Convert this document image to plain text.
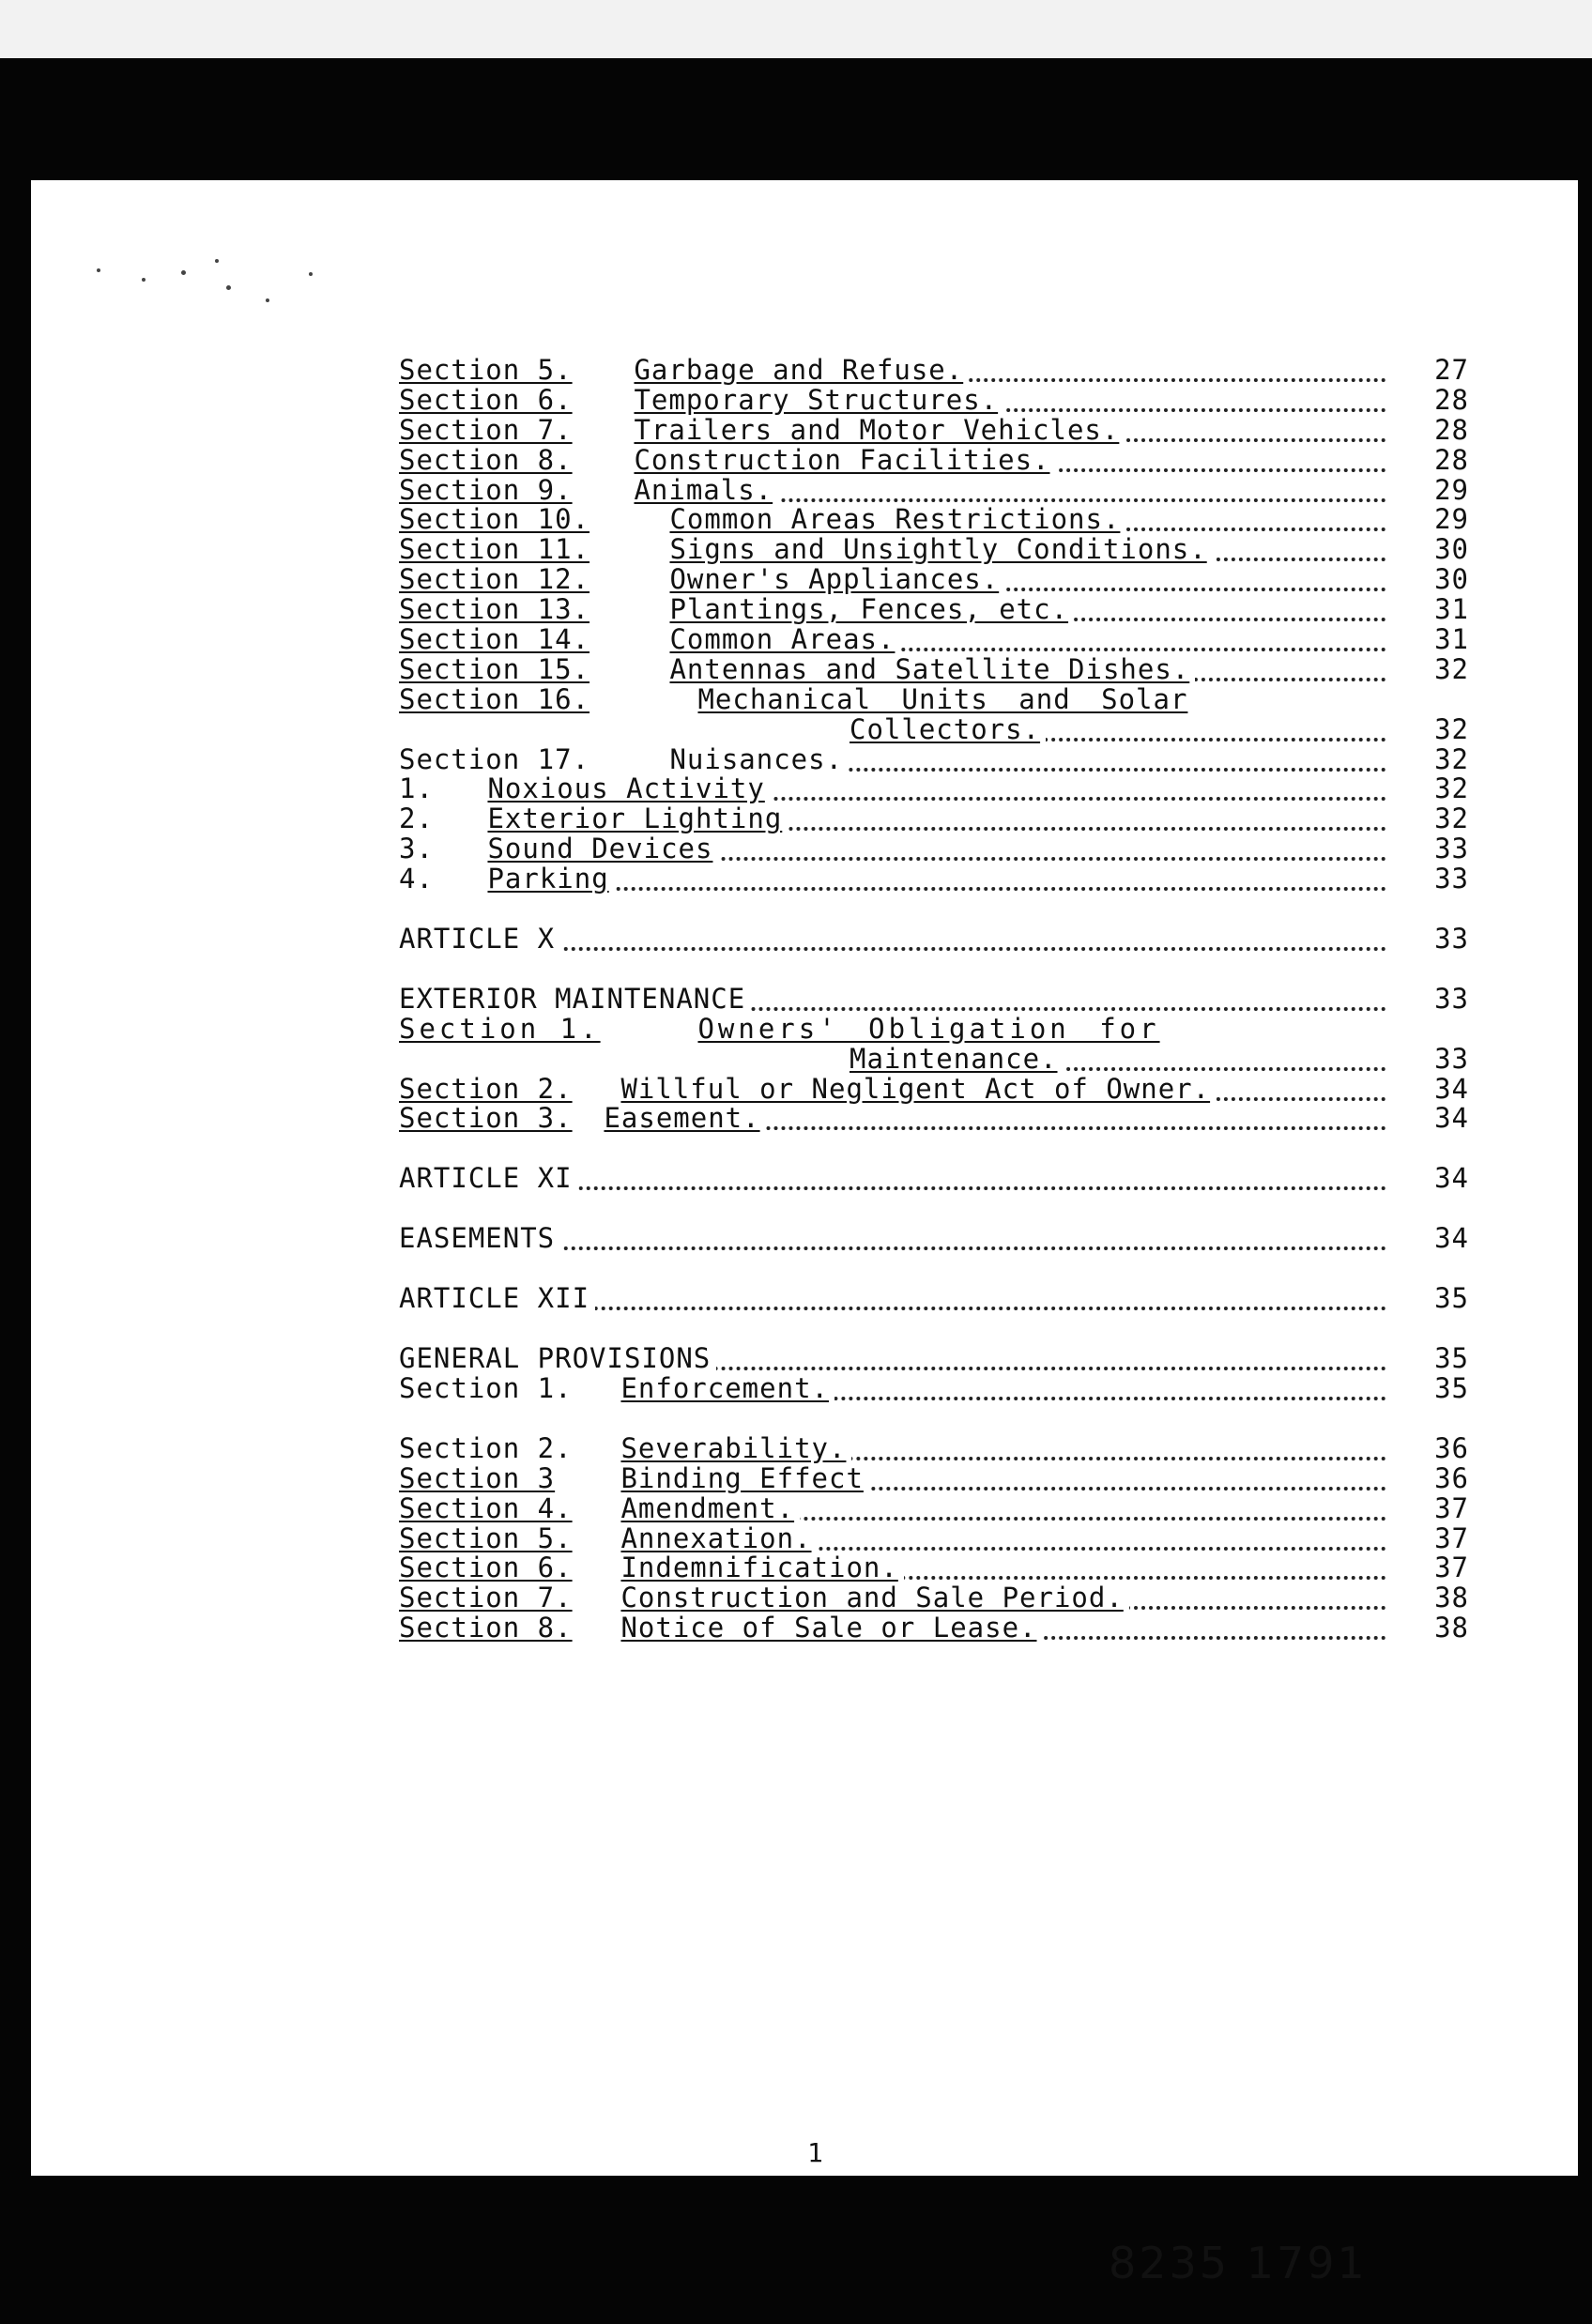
Section 5. Garbage and Refuse.	27
Section 6. Temporary Structures.	28
Section 7. Trailers and Motor Vehicles.	28
Section 8. Construction Facilities.	28
Section 9. Animals.	29
Section 10.	Common Areas Restrictions.	29
Section 11.	Signs and Unsightly Conditions.	30
Section 12.	Owner's Appliances.	30
Section 13.	Plantings, Fences, etc.	31
Section 14.	Common Areas.	31
Section 15.	Antennas and Satellite Dishes.	32
Section 16.	Mechanical Units and Solar
Collectors.	32
Section 17.	Nuisances.	32
1. Noxious Activity	32
2. Exterior Lighting	32
3. Sound Devices	33
4. Parking	33
ARTICLE X	33
EXTERIOR MAINTENANCE	33
Section 1.	Owners' Obligation for
Maintenance.	33
Section 2. Willful or Negligent Act of Owner.	34
Section 3. Easement.	34
ARTICLE XI	34
EASEMENTS	34
ARTICLE XII	35
GENERAL PROVISIONS	35
Section 1. Enforcement.	35
Section 2. Severability.	36
Section 3 Binding Effect	36
Section 4. Amendment.	37
Section 5. Annexation.	37
Section 6. Indemnification.	37
Section 7. Construction and Sale Period.	38
Section 8. Notice of Sale or Lease.	38
1
8235 1791
